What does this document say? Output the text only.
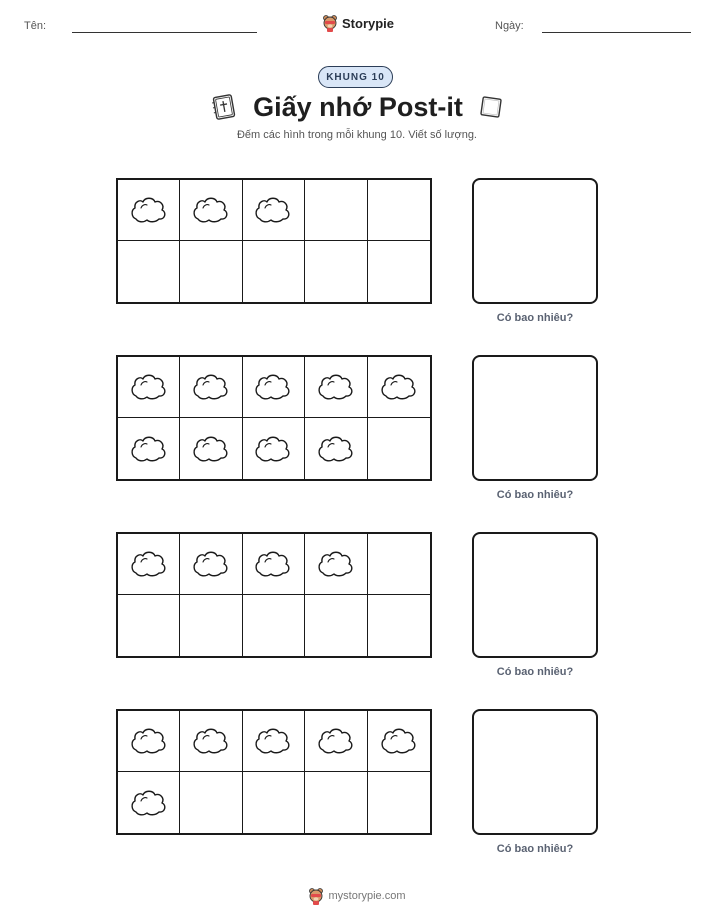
Tên:	Storypie	Ngày:
KHUNG 10
Giấy nhớ Post-it
Đếm các hình trong mỗi khung 10. Viết số lượng.
Có bao nhiêu?
Có bao nhiêu?
Có bao nhiêu?
Có bao nhiêu?
mystorypie.com
